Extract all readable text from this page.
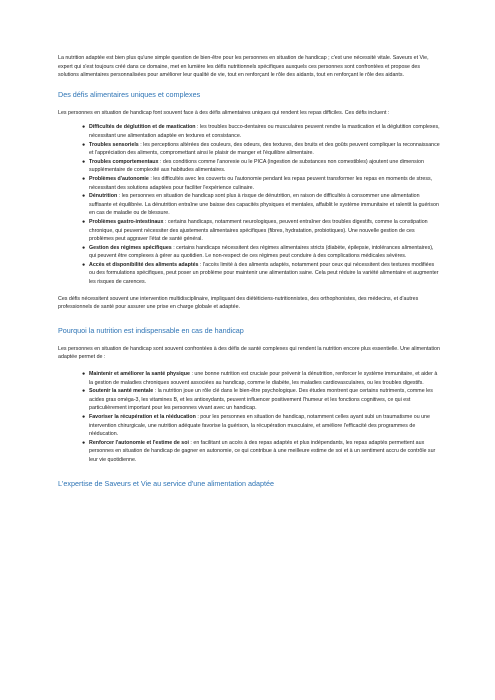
La nutrition adaptée est bien plus qu'une simple question de bien-être pour les personnes en situation de handicap ; c'est une nécessité vitale. Saveurs et Vie, expert qui s'est toujours créé dans ce domaine, met en lumière les défis nutritionnels spécifiques auxquels ces personnes sont confrontées et propose des solutions alimentaires personnalisées pour améliorer leur qualité de vie, tout en renforçant le rôle des aidants, tout en renforçant le rôle des aidants.

Des défis alimentaires uniques et complexes

Les personnes en situation de handicap font souvent face à des défis alimentaires uniques qui rendent les repas difficiles. Ces défis incluent :

● Difficultés de déglutition et de mastication : les troubles bucco-dentaires ou musculaires peuvent rendre la mastication et la déglutition complexes, nécessitant une alimentation adaptée en textures et consistance.
● Troubles sensoriels : les perceptions altérées des couleurs, des odeurs, des textures, des bruits et des goûts peuvent compliquer la reconnaissance et l'appréciation des aliments, compromettant ainsi le plaisir de manger et l'équilibre alimentaire.
● Troubles comportementaux : des conditions comme l'anorexie ou le PICA (ingestion de substances non comestibles) ajoutent une dimension supplémentaire de complexité aux habitudes alimentaires.
● Problèmes d'autonomie : les difficultés avec les couverts ou l'autonomie pendant les repas peuvent transformer les repas en moments de stress, nécessitant des solutions adaptées pour faciliter l'expérience culinaire.
● Dénutrition : les personnes en situation de handicap sont plus à risque de dénutrition, en raison de difficultés à consommer une alimentation suffisante et équilibrée. La dénutrition entraîne une baisse des capacités physiques et mentales, affaiblit le système immunitaire et ralentit la guérison en cas de maladie ou de blessure.
● Problèmes gastro-intestinaux : certains handicaps, notamment neurologiques, peuvent entraîner des troubles digestifs, comme la constipation chronique, qui peuvent nécessiter des ajustements alimentaires spécifiques (fibres, hydratation, probiotiques). Une nouvelle gestion de ces problèmes peut aggraver l'état de santé général.
● Gestion des régimes spécifiques : certains handicaps nécessitent des régimes alimentaires stricts (diabète, épilepsie, intolérances alimentaires), qui peuvent être complexes à gérer au quotidien. Le non-respect de ces régimes peut conduire à des complications médicales sévères.
● Accès et disponibilité des aliments adaptés : l'accès limité à des aliments adaptés, notamment pour ceux qui nécessitent des textures modifiées ou des formulations spécifiques, peut poser un problème pour maintenir une alimentation saine. Cela peut réduire la variété alimentaire et augmenter les risques de carences.

Ces défis nécessitent souvent une intervention multidisciplinaire, impliquant des diététiciens-nutritionnistes, des orthophonistes, des médecins, et d'autres professionnels de santé pour assurer une prise en charge globale et adaptée.

Pourquoi la nutrition est indispensable en cas de handicap

Les personnes en situation de handicap sont souvent confrontées à des défis de santé complexes qui rendent la nutrition encore plus essentielle. Une alimentation adaptée permet de :

● Maintenir et améliorer la santé physique : une bonne nutrition est cruciale pour prévenir la dénutrition, renforcer le système immunitaire, et aider à la gestion de maladies chroniques souvent associées au handicap, comme le diabète, les maladies cardiovasculaires, ou les troubles digestifs.
● Soutenir la santé mentale : la nutrition joue un rôle clé dans le bien-être psychologique. Des études montrent que certains nutriments, comme les acides gras oméga-3, les vitamines B, et les antioxydants, peuvent influencer positivement l'humeur et les fonctions cognitives, ce qui est particulièrement important pour les personnes vivant avec un handicap.
● Favoriser la récupération et la rééducation : pour les personnes en situation de handicap, notamment celles ayant subi un traumatisme ou une intervention chirurgicale, une nutrition adéquate favorise la guérison, la récupération musculaire, et améliore l'efficacité des programmes de rééducation.
● Renforcer l'autonomie et l'estime de soi : en facilitant un accès à des repas adaptés et plus indépendants, les repas adaptés permettent aux personnes en situation de handicap de gagner en autonomie, ce qui contribue à une meilleure estime de soi et à un sentiment accru de contrôle sur leur vie quotidienne.
L'expertise de Saveurs et Vie au service d'une alimentation adaptée
